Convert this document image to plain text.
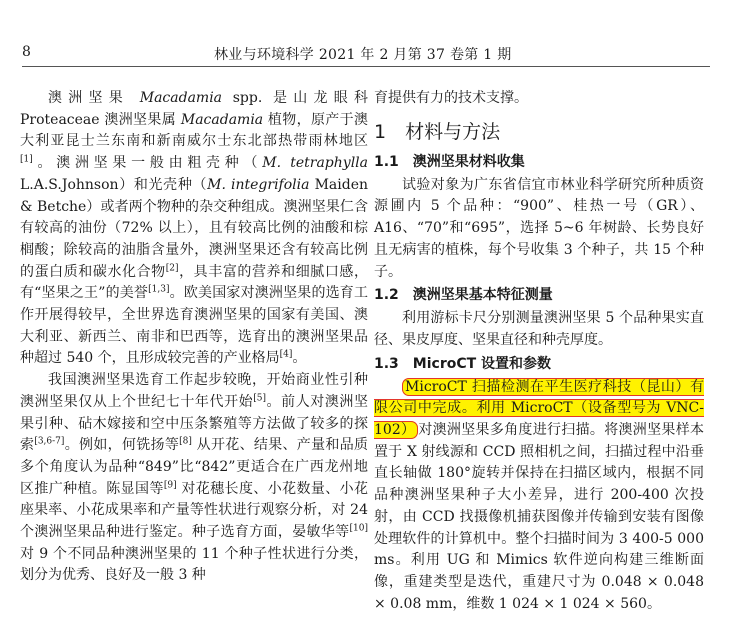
8	林业与环境科学 2021 年 2 月第 37 卷第 1 期

澳洲坚果 Macadamia spp. 是山龙眼科 Proteaceae 澳洲坚果属 Macadamia 植物，原产于澳大利亚昆士兰东南和新南威尔士东北部热带雨林地区[1]。澳洲坚果一般由粗壳种（M. tetraphylla L.A.S.Johnson）和光壳种（M. integrifolia Maiden & Betche）或者两个物种的杂交种组成。澳洲坚果仁含有较高的油份（72% 以上），且有较高比例的油酸和棕榈酸；除较高的油脂含量外，澳洲坚果还含有较高比例的蛋白质和碳水化合物[2]，具丰富的营养和细腻口感，有“坚果之王”的美誉[1,3]。欧美国家对澳洲坚果的选育工作开展得较早，全世界选育澳洲坚果的国家有美国、澳大利亚、新西兰、南非和巴西等，选育出的澳洲坚果品种超过 540 个，且形成较完善的产业格局[4]。

我国澳洲坚果选育工作起步较晚，开始商业性引种澳洲坚果仅从上个世纪七十年代开始[5]。前人对澳洲坚果引种、砧木嫁接和空中压条繁殖等方法做了较多的探索[3,6-7]。例如，何铣扬等[8] 从开花、结果、产量和品质多个角度认为品种“849”比“842”更适合在广西龙州地区推广种植。陈显国等[9] 对花穗长度、小花数量、小花座果率、小花成果率和产量等性状进行观察分析，对 24 个澳洲坚果品种进行鉴定。种子选育方面，晏敏华等[10] 对 9 个不同品种澳洲坚果的 11 个种子性状进行分类，划分为优秀、良好及一般 3 种

育提供有力的技术支撑。

1　材料与方法
1.1　澳洲坚果材料收集

试验对象为广东省信宜市林业科学研究所种质资源圃内 5 个品种：“900”、桂热一号（GR）、A16、“70”和“695”，选择 5~6 年树龄、长势良好且无病害的植株，每个号收集 3 个种子，共 15 个种子。

1.2　澳洲坚果基本特征测量

利用游标卡尺分别测量澳洲坚果 5 个品种果实直径、果皮厚度、坚果直径和种壳厚度。

1.3　MicroCT 设置和参数

MicroCT 扫描检测在平生医疗科技（昆山）有限公司中完成。利用 MicroCT（设备型号为 VNC-102） 对澳洲坚果多角度进行扫描。将澳洲坚果样本置于 X 射线源和 CCD 照相机之间，扫描过程中沿垂直长轴做 180°旋转并保持在扫描区域内，根据不同品种澳洲坚果种子大小差异，进行 200-400 次投射，由 CCD 找摄像机捕获图像并传输到安装有图像处理软件的计算机中。整个扫描时间为 3 400-5 000 ms。利用 UG 和 Mimics 软件逆向构建三维断面像，重建类型是迭代，重建尺寸为 0.048 × 0.048 × 0.08 mm，维数 1 024 × 1 024 × 560。
